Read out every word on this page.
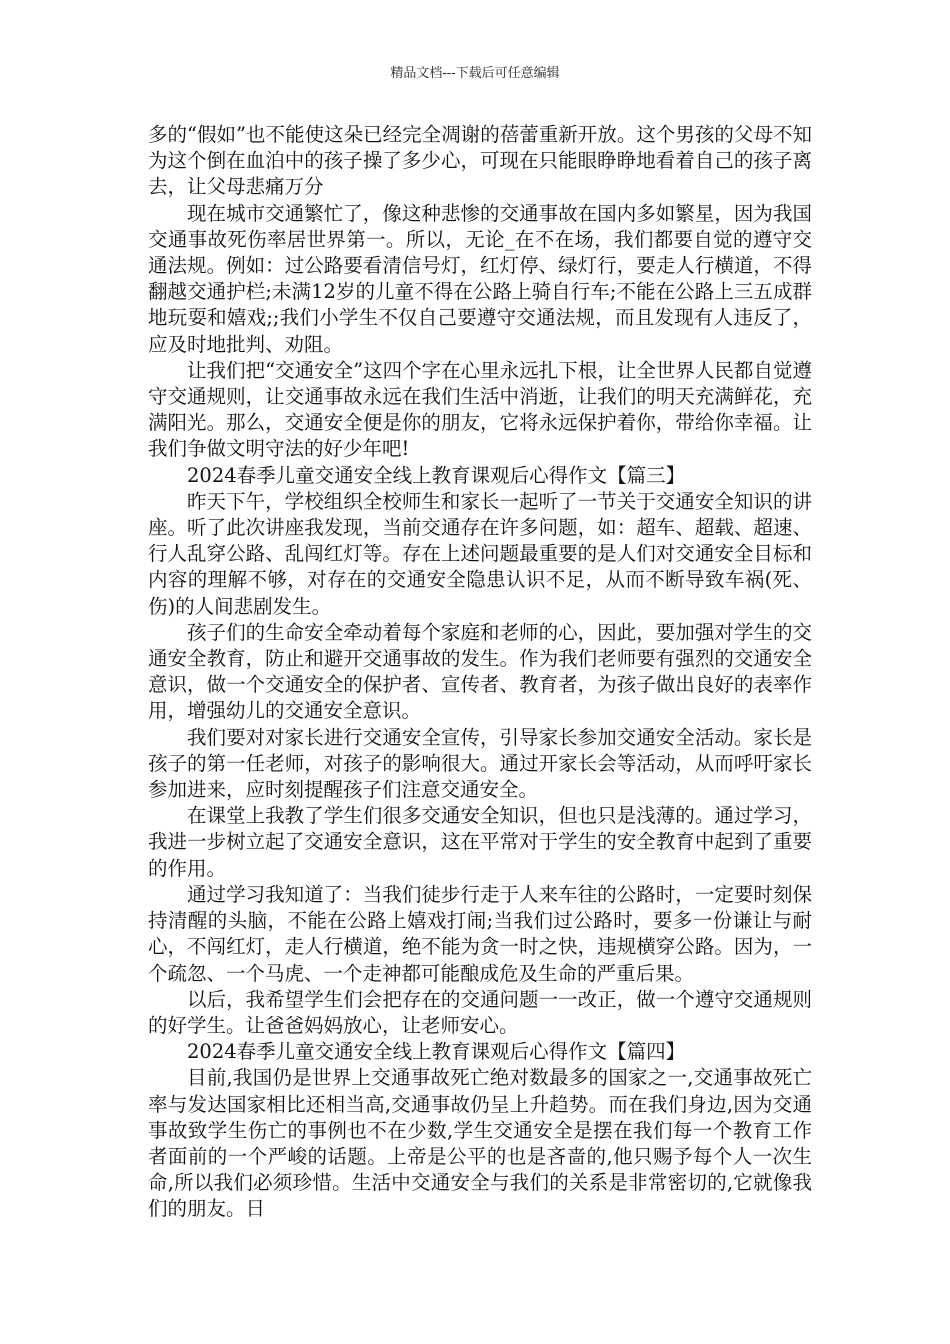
精品文档---下载后可任意编辑

多的“假如”也不能使这朵已经完全凋谢的蓓蕾重新开放。这个男孩的父母不知为这个倒在血泊中的孩子操了多少心，可现在只能眼睁睁地看着自己的孩子离去，让父母悲痛万分

现在城市交通繁忙了，像这种悲惨的交通事故在国内多如繁星，因为我国交通事故死伤率居世界第一。所以，无论_在不在场，我们都要自觉的遵守交通法规。例如：过公路要看清信号灯，红灯停、绿灯行，要走人行横道，不得翻越交通护栏;未满12岁的儿童不得在公路上骑自行车;不能在公路上三五成群地玩耍和嬉戏;;我们小学生不仅自己要遵守交通法规，而且发现有人违反了，应及时地批判、劝阻。

让我们把“交通安全”这四个字在心里永远扎下根，让全世界人民都自觉遵守交通规则，让交通事故永远在我们生活中消逝，让我们的明天充满鲜花，充满阳光。那么，交通安全便是你的朋友，它将永远保护着你，带给你幸福。让我们争做文明守法的好少年吧!

2024春季儿童交通安全线上教育课观后心得作文【篇三】

昨天下午，学校组织全校师生和家长一起听了一节关于交通安全知识的讲座。听了此次讲座我发现，当前交通存在许多问题，如：超车、超载、超速、行人乱穿公路、乱闯红灯等。存在上述问题最重要的是人们对交通安全目标和内容的理解不够，对存在的交通安全隐患认识不足，从而不断导致车祸(死、伤)的人间悲剧发生。

孩子们的生命安全牵动着每个家庭和老师的心，因此，要加强对学生的交通安全教育，防止和避开交通事故的发生。作为我们老师要有强烈的交通安全意识，做一个交通安全的保护者、宣传者、教育者，为孩子做出良好的表率作用，增强幼儿的交通安全意识。

我们要对对家长进行交通安全宣传，引导家长参加交通安全活动。家长是孩子的第一任老师，对孩子的影响很大。通过开家长会等活动，从而呼吁家长参加进来，应时刻提醒孩子们注意交通安全。

在课堂上我教了学生们很多交通安全知识，但也只是浅薄的。通过学习，我进一步树立起了交通安全意识，这在平常对于学生的安全教育中起到了重要的作用。

通过学习我知道了：当我们徒步行走于人来车往的公路时，一定要时刻保持清醒的头脑，不能在公路上嬉戏打闹;当我们过公路时，要多一份谦让与耐心，不闯红灯，走人行横道，绝不能为贪一时之快，违规横穿公路。因为，一个疏忽、一个马虎、一个走神都可能酿成危及生命的严重后果。

以后，我希望学生们会把存在的交通问题一一改正，做一个遵守交通规则的好学生。让爸爸妈妈放心，让老师安心。

2024春季儿童交通安全线上教育课观后心得作文【篇四】

目前,我国仍是世界上交通事故死亡绝对数最多的国家之一,交通事故死亡率与发达国家相比还相当高,交通事故仍呈上升趋势。而在我们身边,因为交通事故致学生伤亡的事例也不在少数,学生交通安全是摆在我们每一个教育工作者面前的一个严峻的话题。上帝是公平的也是吝啬的,他只赐予每个人一次生命,所以我们必须珍惜。生活中交通安全与我们的关系是非常密切的,它就像我们的朋友。日
